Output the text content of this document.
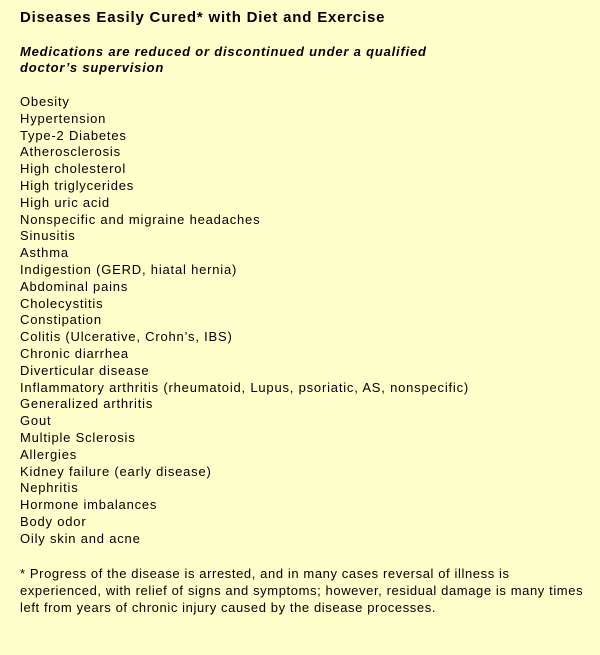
Diseases Easily Cured* with Diet and Exercise

Medications are reduced or discontinued under a qualified
doctor’s supervision

Obesity
Hypertension
Type-2 Diabetes
Atherosclerosis
High cholesterol
High triglycerides
High uric acid
Nonspecific and migraine headaches
Sinusitis
Asthma
Indigestion (GERD, hiatal hernia)
Abdominal pains
Cholecystitis
Constipation
Colitis (Ulcerative, Crohn’s, IBS)
Chronic diarrhea
Diverticular disease
Inflammatory arthritis (rheumatoid, Lupus, psoriatic, AS, nonspecific)
Generalized arthritis
Gout
Multiple Sclerosis
Allergies
Kidney failure (early disease)
Nephritis
Hormone imbalances
Body odor
Oily skin and acne

* Progress of the disease is arrested, and in many cases reversal of illness is experienced, with relief of signs and symptoms; however, residual damage is many times left from years of chronic injury caused by the disease processes.
